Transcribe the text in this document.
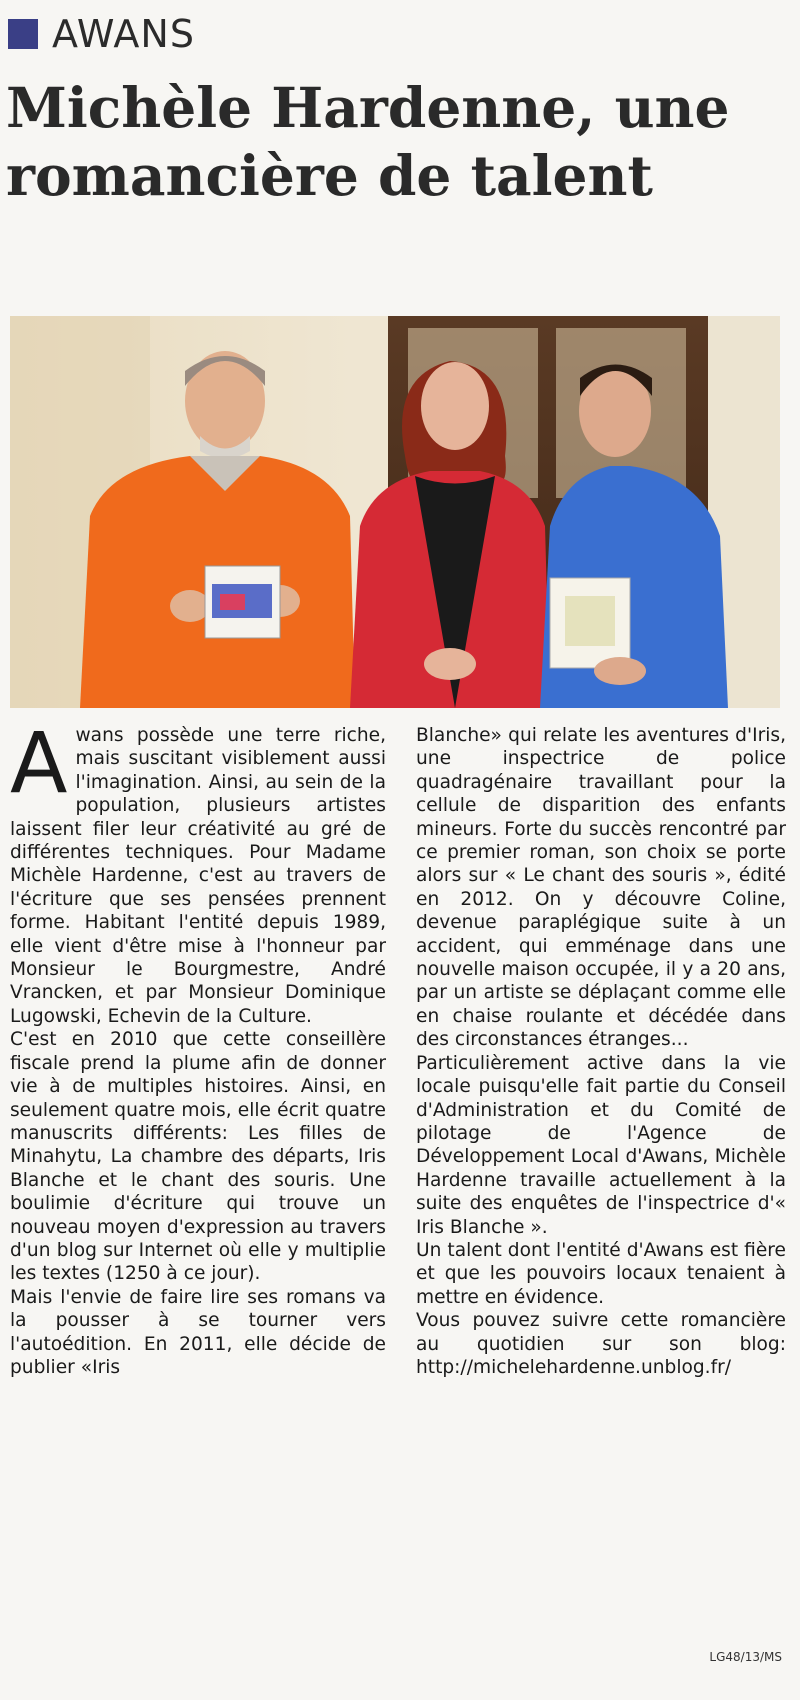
AWANS
Michèle Hardenne, une romancière de talent
A wans possède une terre riche, mais suscitant visiblement aussi l'imagination. Ainsi, au sein de la population, plusieurs artistes laissent filer leur créativité au gré de différentes techniques. Pour Madame Michèle Hardenne, c'est au travers de l'écriture que ses pensées prennent forme. Habitant l'entité depuis 1989, elle vient d'être mise à l'honneur par Monsieur le Bourgmestre, André Vrancken, et par Monsieur Dominique Lugowski, Echevin de la Culture.

C'est en 2010 que cette conseillère fiscale prend la plume afin de donner vie à de multiples histoires. Ainsi, en seulement quatre mois, elle écrit quatre manuscrits différents: Les filles de Minahytu, La chambre des départs, Iris Blanche et le chant des souris. Une boulimie d'écriture qui trouve un nouveau moyen d'expression au travers d'un blog sur Internet où elle y multiplie les textes (1250 à ce jour).

Mais l'envie de faire lire ses romans va la pousser à se tourner vers l'autoédition. En 2011, elle décide de publier «Iris

Blanche» qui relate les aventures d'Iris, une inspectrice de police quadragénaire travaillant pour la cellule de disparition des enfants mineurs. Forte du succès rencontré par ce premier roman, son choix se porte alors sur « Le chant des souris », édité en 2012. On y découvre Coline, devenue paraplégique suite à un accident, qui emménage dans une nouvelle maison occupée, il y a 20 ans, par un artiste se déplaçant comme elle en chaise roulante et décédée dans des circonstances étranges...

Particulièrement active dans la vie locale puisqu'elle fait partie du Conseil d'Administration et du Comité de pilotage de l'Agence de Développement Local d'Awans, Michèle Hardenne travaille actuellement à la suite des enquêtes de l'inspectrice d'« Iris Blanche ».

Un talent dont l'entité d'Awans est fière et que les pouvoirs locaux tenaient à mettre en évidence.

Vous pouvez suivre cette romancière au quotidien sur son blog: http://michelehardenne.unblog.fr/

LG48/13/MS
